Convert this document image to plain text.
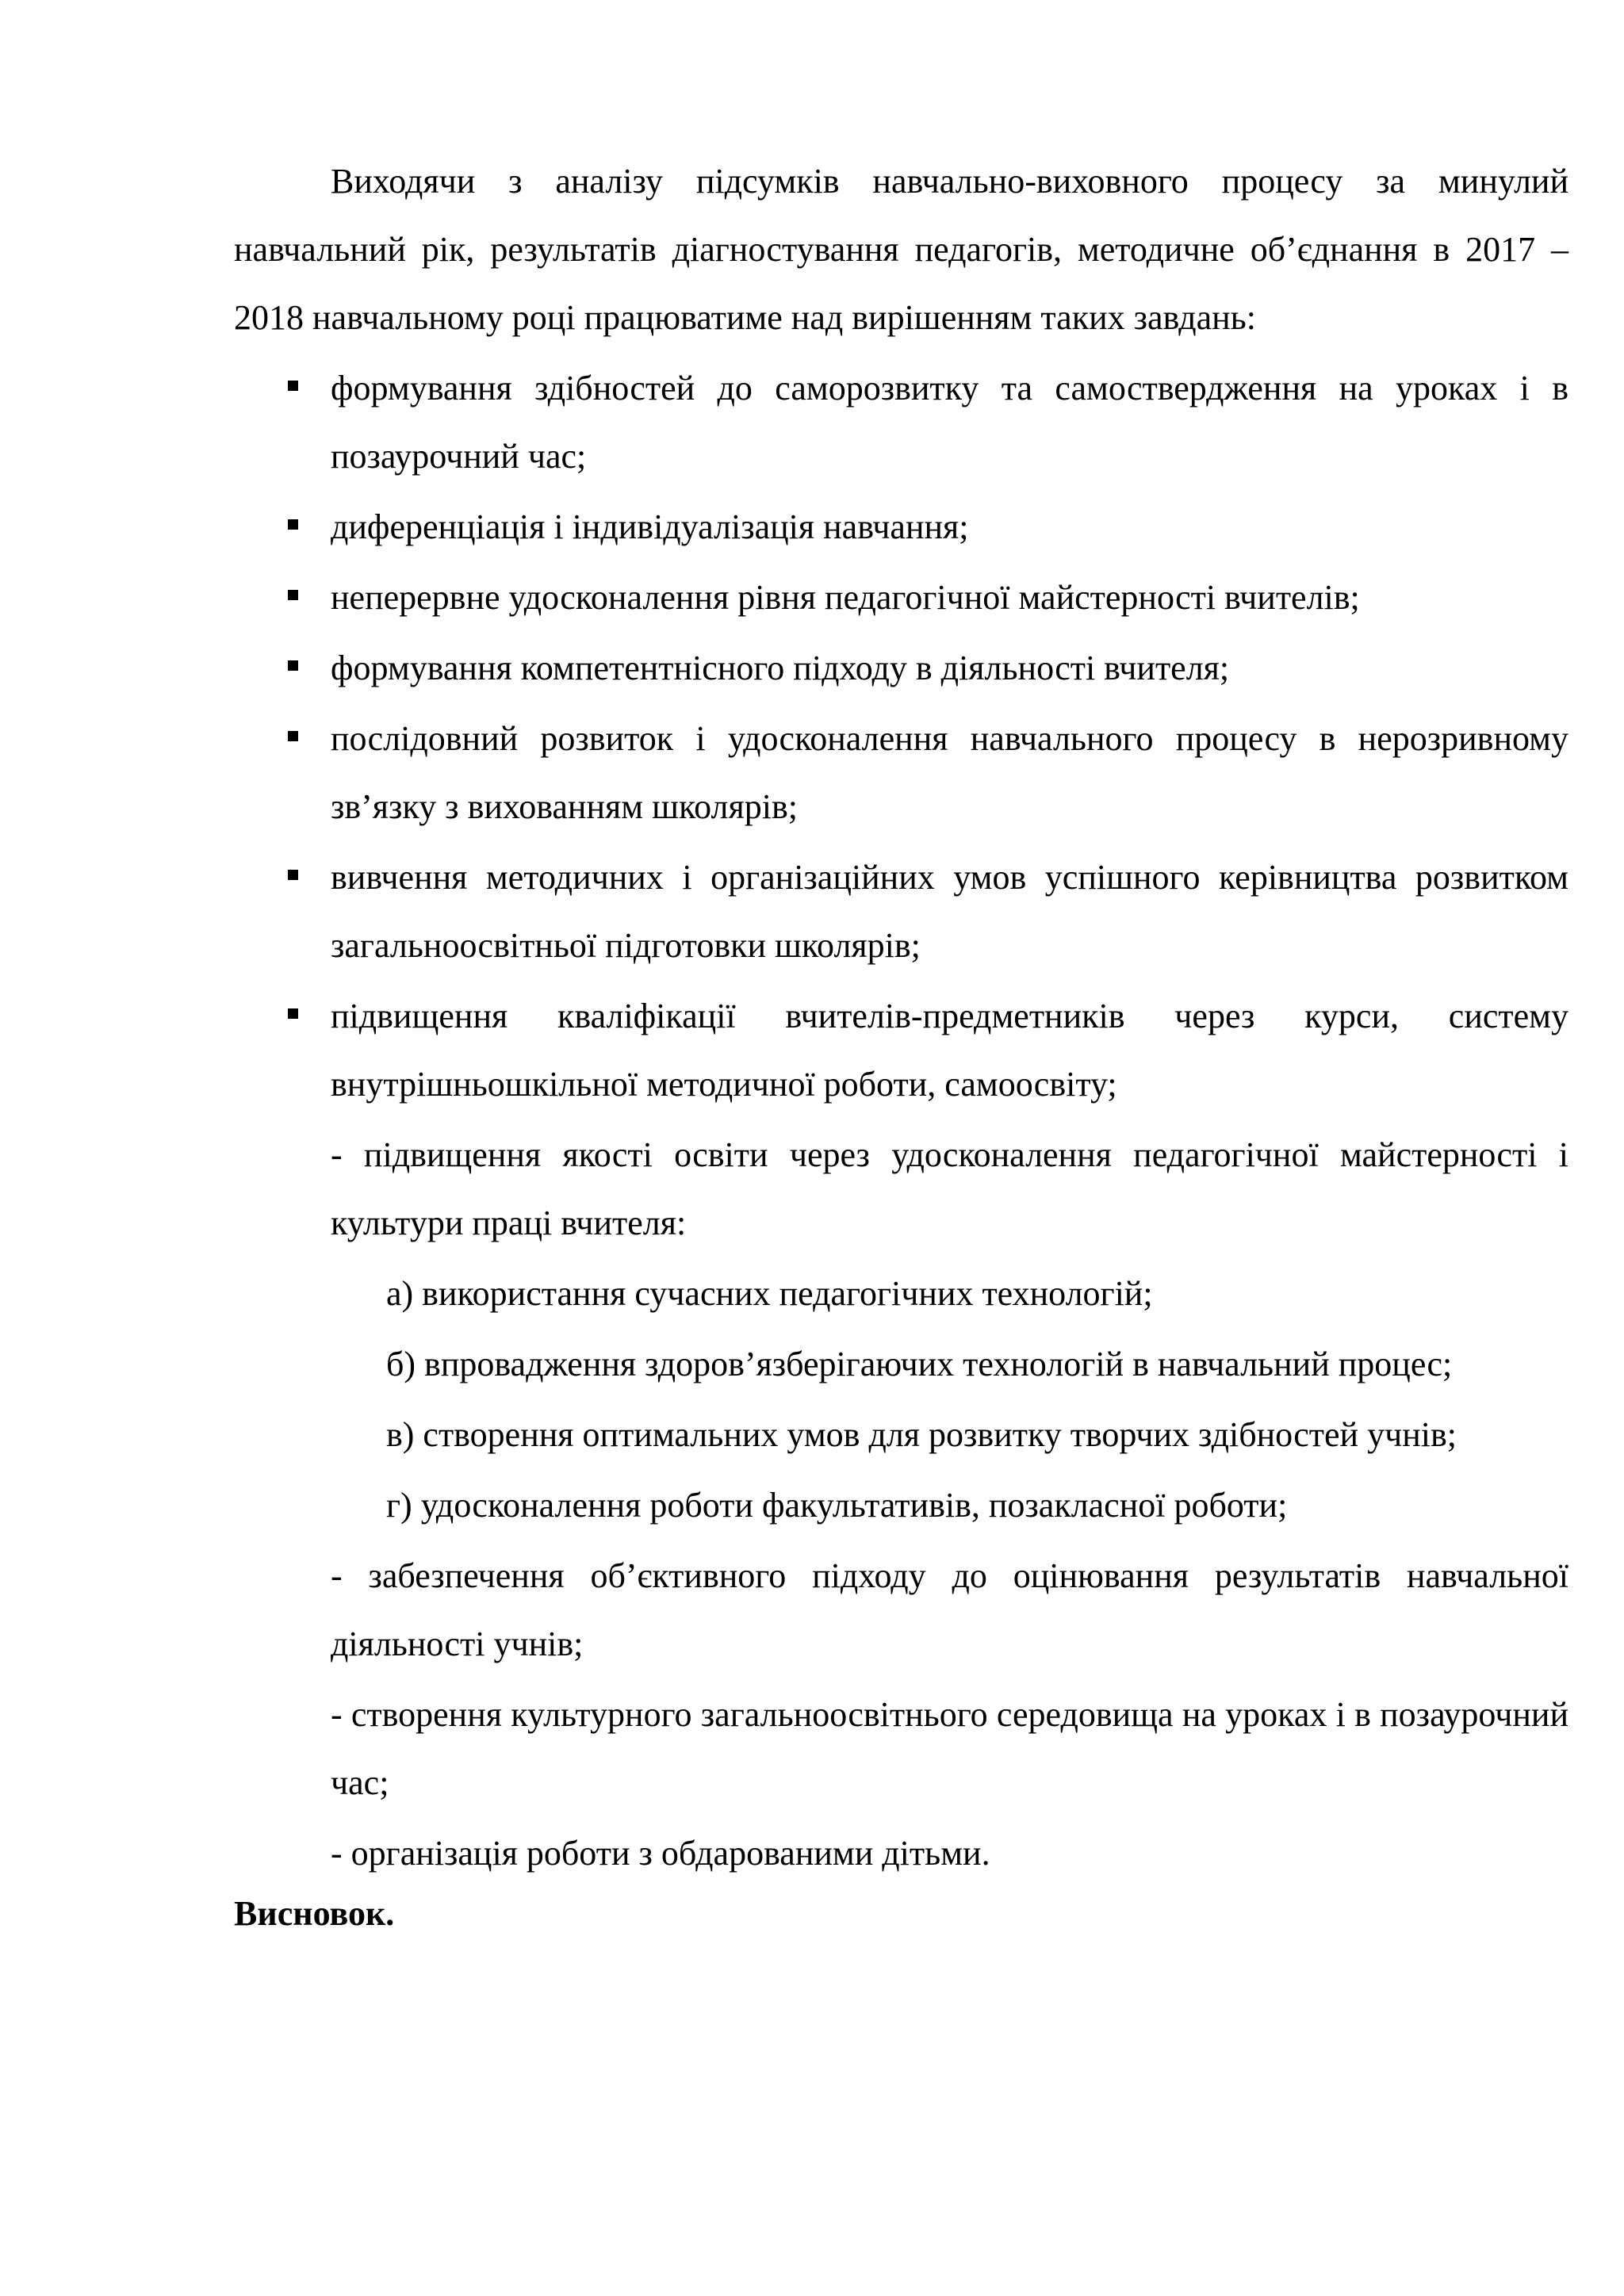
Виходячи з аналізу підсумків навчально-виховного процесу за минулий навчальний рік, результатів діагностування педагогів, методичне об’єднання в 2017 – 2018 навчальному році працюватиме над вирішенням таких завдань:

формування здібностей до саморозвитку та самоствердження на уроках і в позаурочний час;
диференціація і індивідуалізація навчання;
неперервне удосконалення рівня педагогічної майстерності вчителів;
формування компетентнісного підходу в діяльності вчителя;
послідовний розвиток і удосконалення навчального процесу в нерозривному зв’язку з вихованням школярів;
вивчення методичних і організаційних умов успішного керівництва розвитком загальноосвітньої підготовки школярів;
підвищення кваліфікації вчителів-предметників через курси, систему внутрішньошкільної методичної роботи, самоосвіту;

- підвищення якості освіти через удосконалення педагогічної майстерності і культури праці вчителя:

а) використання сучасних педагогічних технологій;

б) впровадження здоров’язберігаючих технологій в навчальний процес;

в) створення оптимальних умов для розвитку творчих здібностей учнів;

г) удосконалення роботи факультативів, позакласної роботи;

- забезпечення об’єктивного підходу до оцінювання результатів навчальної діяльності учнів;

- створення культурного загальноосвітнього середовища на уроках і в позаурочний час;

- організація роботи з обдарованими дітьми.

Висновок.
